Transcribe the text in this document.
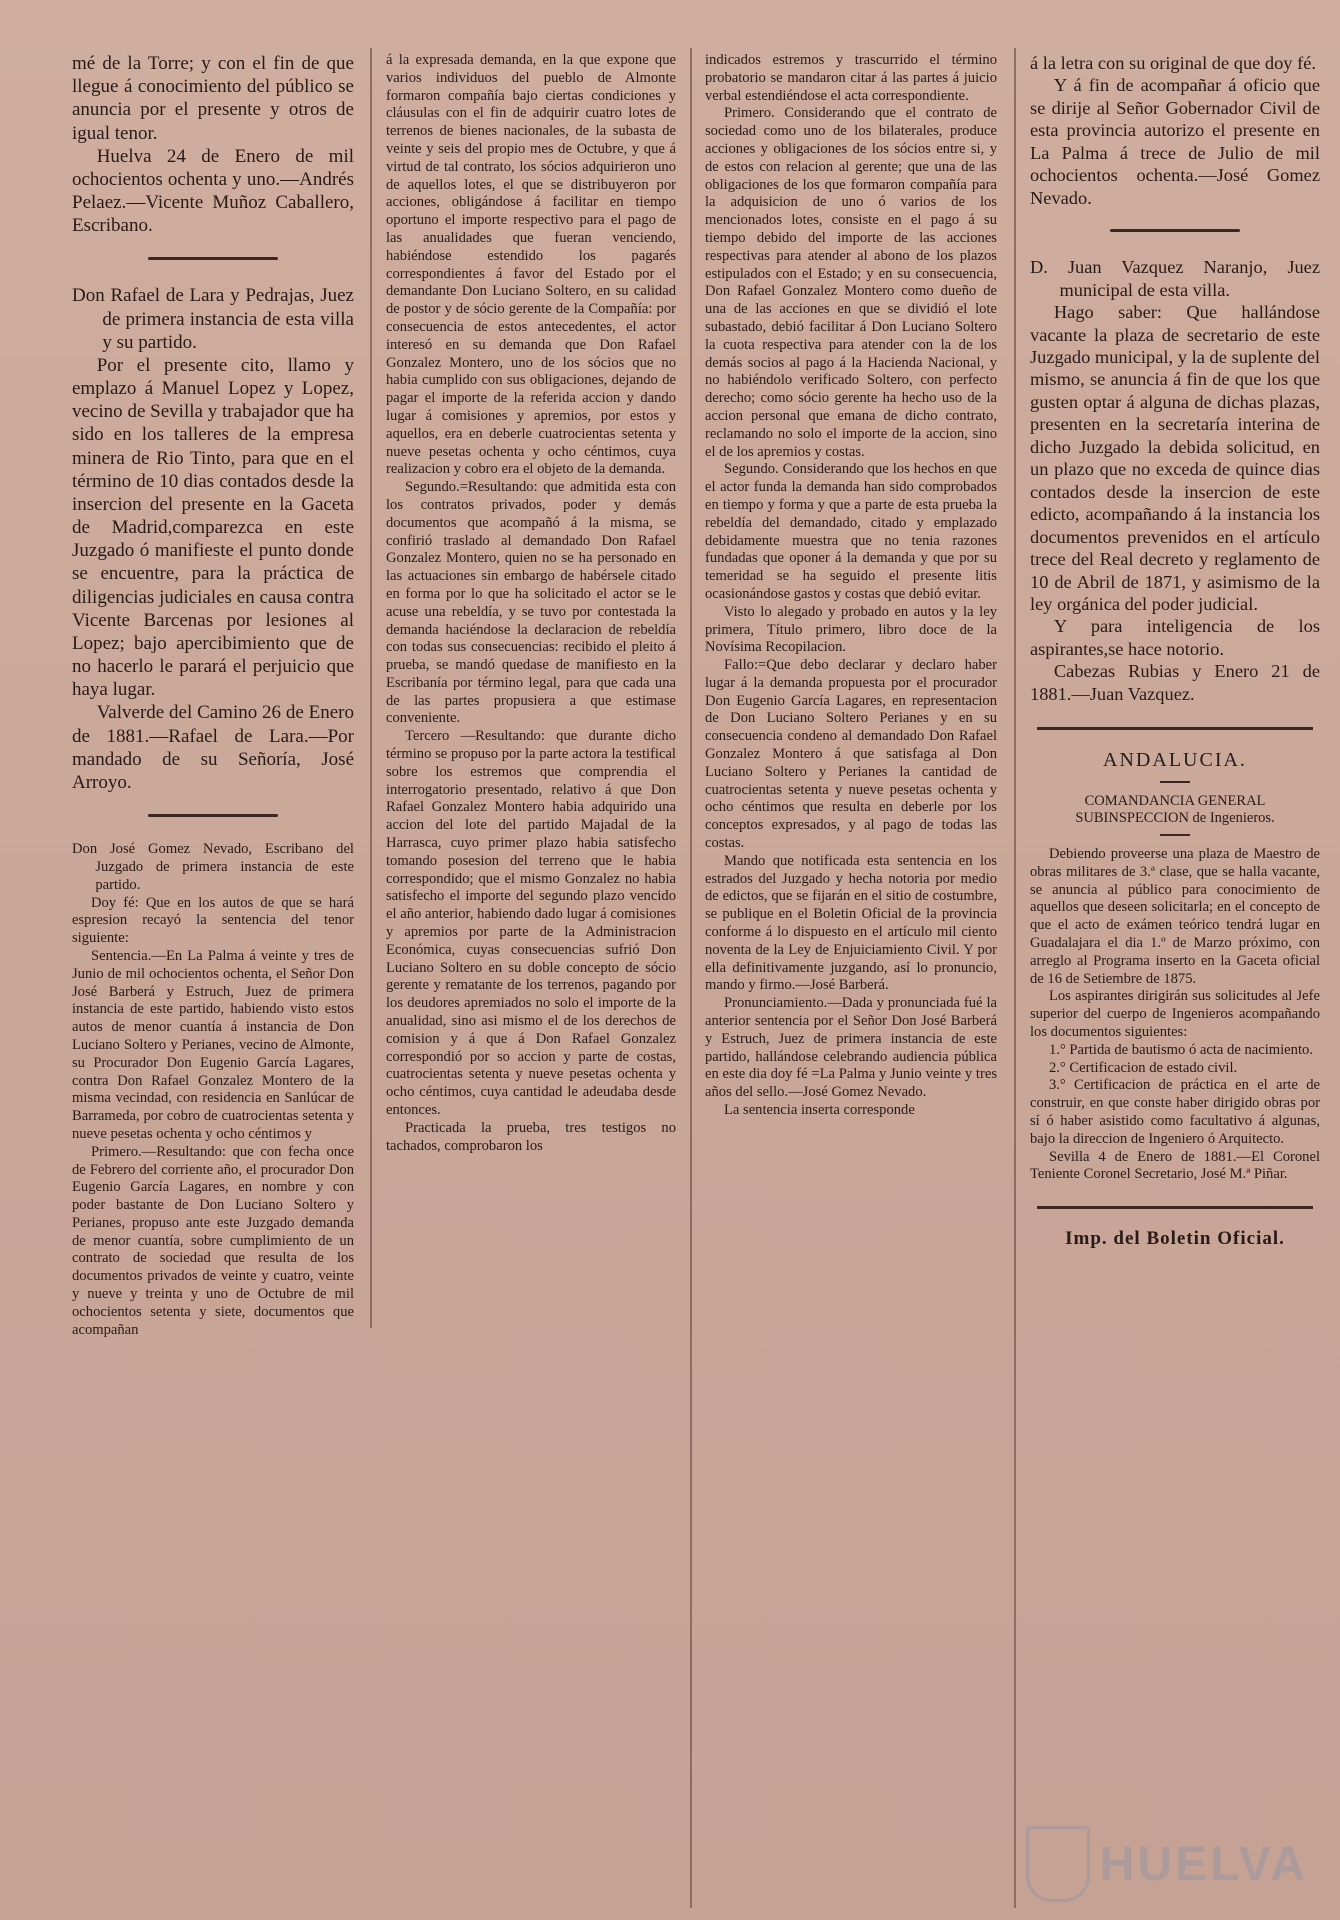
mé de la Torre; y con el fin de que llegue á conocimiento del público se anuncia por el presente y otros de igual tenor.

Huelva 24 de Enero de mil ochocientos ochenta y uno.—Andrés Pelaez.—Vicente Muñoz Caballero, Escribano.

Don Rafael de Lara y Pedrajas, Juez de primera instancia de esta villa y su partido.

Por el presente cito, llamo y emplazo á Manuel Lopez y Lopez, vecino de Sevilla y trabajador que ha sido en los talleres de la empresa minera de Rio Tinto, para que en el término de 10 dias contados desde la insercion del presente en la Gaceta de Madrid,comparezca en este Juzgado ó manifieste el punto donde se encuentre, para la práctica de diligencias judiciales en causa contra Vicente Barcenas por lesiones al Lopez; bajo apercibimiento que de no hacerlo le parará el perjuicio que haya lugar.

Valverde del Camino 26 de Enero de 1881.—Rafael de Lara.—Por mandado de su Señoría, José Arroyo.

Don José Gomez Nevado, Escribano del Juzgado de primera instancia de este partido.

Doy fé: Que en los autos de que se hará espresion recayó la sentencia del tenor siguiente:

Sentencia.—En La Palma á veinte y tres de Junio de mil ochocientos ochenta, el Señor Don José Barberá y Estruch, Juez de primera instancia de este partido, habiendo visto estos autos de menor cuantía á instancia de Don Luciano Soltero y Perianes, vecino de Almonte, su Procurador Don Eugenio García Lagares, contra Don Rafael Gonzalez Montero de la misma vecindad, con residencia en Sanlúcar de Barrameda, por cobro de cuatrocientas setenta y nueve pesetas ochenta y ocho céntimos y

Primero.—Resultando: que con fecha once de Febrero del corriente año, el procurador Don Eugenio García Lagares, en nombre y con poder bastante de Don Luciano Soltero y Perianes, propuso ante este Juzgado demanda de menor cuantía, sobre cumplimiento de un contrato de sociedad que resulta de los documentos privados de veinte y cuatro, veinte y nueve y treinta y uno de Octubre de mil ochocientos setenta y siete, documentos que acompañan

á la expresada demanda, en la que expone que varios individuos del pueblo de Almonte formaron compañía bajo ciertas condiciones y cláusulas con el fin de adquirir cuatro lotes de terrenos de bienes nacionales, de la subasta de veinte y seis del propio mes de Octubre, y que á virtud de tal contrato, los sócios adquirieron uno de aquellos lotes, el que se distribuyeron por acciones, obligándose á facilitar en tiempo oportuno el importe respectivo para el pago de las anualidades que fueran venciendo, habiéndose estendido los pagarés correspondientes á favor del Estado por el demandante Don Luciano Soltero, en su calidad de postor y de sócio gerente de la Compañía: por consecuencia de estos antecedentes, el actor interesó en su demanda que Don Rafael Gonzalez Montero, uno de los sócios que no habia cumplido con sus obligaciones, dejando de pagar el importe de la referida accion y dando lugar á comisiones y apremios, por estos y aquellos, era en deberle cuatrocientas setenta y nueve pesetas ochenta y ocho céntimos, cuya realizacion y cobro era el objeto de la demanda.

Segundo.=Resultando: que admitida esta con los contratos privados, poder y demás documentos que acompañó á la misma, se confirió traslado al demandado Don Rafael Gonzalez Montero, quien no se ha personado en las actuaciones sin embargo de habérsele citado en forma por lo que ha solicitado el actor se le acuse una rebeldía, y se tuvo por contestada la demanda haciéndose la declaracion de rebeldía con todas sus consecuencias: recibido el pleito á prueba, se mandó quedase de manifiesto en la Escribanía por término legal, para que cada una de las partes propusiera a que estimase conveniente.

Tercero —Resultando: que durante dicho término se propuso por la parte actora la testifical sobre los estremos que comprendia el interrogatorio presentado, relativo á que Don Rafael Gonzalez Montero habia adquirido una accion del lote del partido Majadal de la Harrasca, cuyo primer plazo habia satisfecho tomando posesion del terreno que le habia correspondido; que el mismo Gonzalez no habia satisfecho el importe del segundo plazo vencido el año anterior, habiendo dado lugar á comisiones y apremios por parte de la Administracion Económica, cuyas consecuencias sufrió Don Luciano Soltero en su doble concepto de sócio gerente y rematante de los terrenos, pagando por los deudores apremiados no solo el importe de la anualidad, sino asi mismo el de los derechos de comision y á que á Don Rafael Gonzalez correspondió por so accion y parte de costas, cuatrocientas setenta y nueve pesetas ochenta y ocho céntimos, cuya cantidad le adeudaba desde entonces.

Practicada la prueba, tres testigos no tachados, comprobaron los

indicados estremos y trascurrido el término probatorio se mandaron citar á las partes á juicio verbal estendiéndose el acta correspondiente.

Primero. Considerando que el contrato de sociedad como uno de los bilaterales, produce acciones y obligaciones de los sócios entre si, y de estos con relacion al gerente; que una de las obligaciones de los que formaron compañía para la adquisicion de uno ó varios de los mencionados lotes, consiste en el pago á su tiempo debido del importe de las acciones respectivas para atender al abono de los plazos estipulados con el Estado; y en su consecuencia, Don Rafael Gonzalez Montero como dueño de una de las acciones en que se dividió el lote subastado, debió facilitar á Don Luciano Soltero la cuota respectiva para atender con la de los demás socios al pago á la Hacienda Nacional, y no habiéndolo verificado Soltero, con perfecto derecho; como sócio gerente ha hecho uso de la accion personal que emana de dicho contrato, reclamando no solo el importe de la accion, sino el de los apremios y costas.

Segundo. Considerando que los hechos en que el actor funda la demanda han sido comprobados en tiempo y forma y que a parte de esta prueba la rebeldía del demandado, citado y emplazado debidamente muestra que no tenia razones fundadas que oponer á la demanda y que por su temeridad se ha seguido el presente litis ocasionándose gastos y costas que debió evitar.

Visto lo alegado y probado en autos y la ley primera, Título primero, libro doce de la Novísima Recopilacion.

Fallo:=Que debo declarar y declaro haber lugar á la demanda propuesta por el procurador Don Eugenio García Lagares, en representacion de Don Luciano Soltero Perianes y en su consecuencia condeno al demandado Don Rafael Gonzalez Montero á que satisfaga al Don Luciano Soltero y Perianes la cantidad de cuatrocientas setenta y nueve pesetas ochenta y ocho céntimos que resulta en deberle por los conceptos expresados, y al pago de todas las costas.

Mando que notificada esta sentencia en los estrados del Juzgado y hecha notoria por medio de edictos, que se fijarán en el sitio de costumbre, se publique en el Boletin Oficial de la provincia conforme á lo dispuesto en el artículo mil ciento noventa de la Ley de Enjuiciamiento Civil. Y por ella definitivamente juzgando, así lo pronuncio, mando y firmo.—José Barberá.

Pronunciamiento.—Dada y pronunciada fué la anterior sentencia por el Señor Don José Barberá y Estruch, Juez de primera instancia de este partido, hallándose celebrando audiencia pública en este dia doy fé =La Palma y Junio veinte y tres años del sello.—José Gomez Nevado.

La sentencia inserta corresponde

á la letra con su original de que doy fé.

Y á fin de acompañar á oficio que se dirije al Señor Gobernador Civil de esta provincia autorizo el presente en La Palma á trece de Julio de mil ochocientos ochenta.—José Gomez Nevado.

D. Juan Vazquez Naranjo, Juez municipal de esta villa.

Hago saber: Que hallándose vacante la plaza de secretario de este Juzgado municipal, y la de suplente del mismo, se anuncia á fin de que los que gusten optar á alguna de dichas plazas, presenten en la secretaría interina de dicho Juzgado la debida solicitud, en un plazo que no exceda de quince dias contados desde la insercion de este edicto, acompañando á la instancia los documentos prevenidos en el artículo trece del Real decreto y reglamento de 10 de Abril de 1871, y asimismo de la ley orgánica del poder judicial.

Y para inteligencia de los aspirantes,se hace notorio.

Cabezas Rubias y Enero 21 de 1881.—Juan Vazquez.

ANDALUCIA.
COMANDANCIA GENERAL SUBINSPECCION de Ingenieros.

Debiendo proveerse una plaza de Maestro de obras militares de 3.ª clase, que se halla vacante, se anuncia al público para conocimiento de aquellos que deseen solicitarla; en el concepto de que el acto de exámen teórico tendrá lugar en Guadalajara el dia 1.º de Marzo próximo, con arreglo al Programa inserto en la Gaceta oficial de 16 de Setiembre de 1875.

Los aspirantes dirigirán sus solicitudes al Jefe superior del cuerpo de Ingenieros acompañando los documentos siguientes:

1.° Partida de bautismo ó acta de nacimiento.

2.° Certificacion de estado civil.

3.° Certificacion de práctica en el arte de construir, en que conste haber dirigido obras por sí ó haber asistido como facultativo á algunas, bajo la direccion de Ingeniero ó Arquitecto.

Sevilla 4 de Enero de 1881.—El Coronel Teniente Coronel Secretario, José M.ª Piñar.

Imp. del Boletin Oficial.
HUELVA
